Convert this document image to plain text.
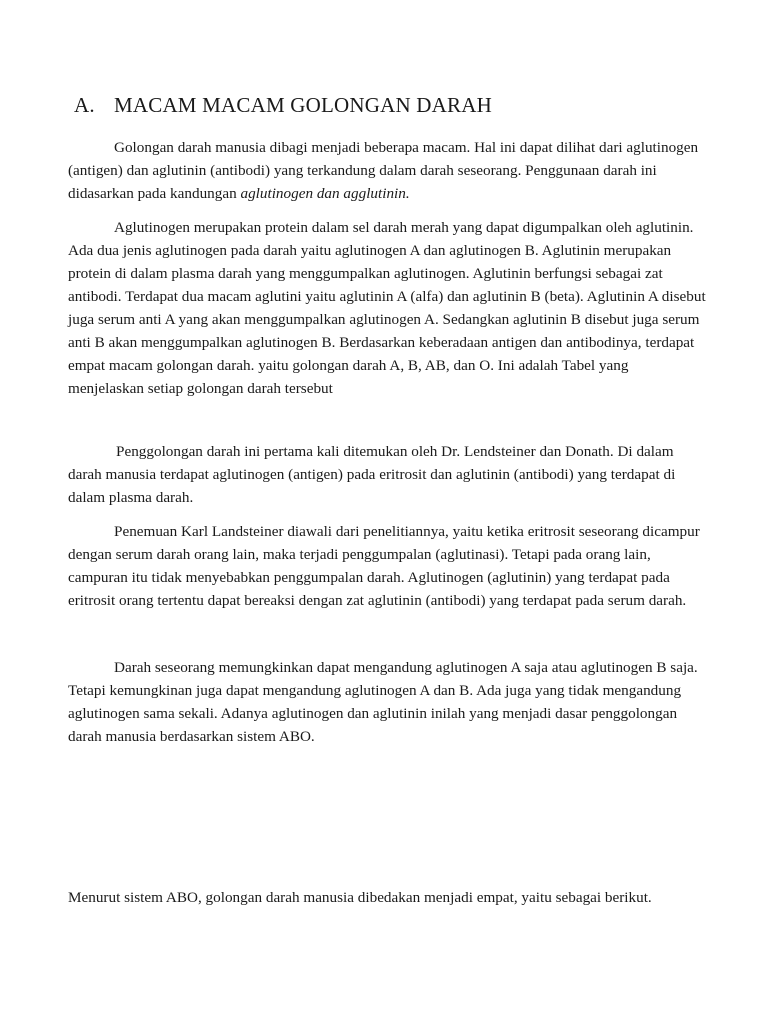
A. MACAM MACAM GOLONGAN DARAH

Golongan darah manusia dibagi menjadi beberapa macam. Hal ini dapat dilihat dari aglutinogen (antigen) dan aglutinin (antibodi) yang terkandung dalam darah seseorang. Penggunaan darah ini didasarkan pada kandungan aglutinogen dan agglutinin.

Aglutinogen merupakan protein dalam sel darah merah yang dapat digumpalkan oleh aglutinin. Ada dua jenis aglutinogen pada darah yaitu aglutinogen A dan aglutinogen B. Aglutinin merupakan protein di dalam plasma darah yang menggumpalkan aglutinogen. Aglutinin berfungsi sebagai zat antibodi. Terdapat dua macam aglutini yaitu aglutinin A (alfa) dan aglutinin B (beta). Aglutinin A disebut juga serum anti A yang akan menggumpalkan aglutinogen A. Sedangkan aglutinin B disebut juga serum anti B akan menggumpalkan aglutinogen B. Berdasarkan keberadaan antigen dan antibodinya, terdapat empat macam golongan darah. yaitu golongan darah A, B, AB, dan O. Ini adalah Tabel yang menjelaskan setiap golongan darah tersebut

Penggolongan darah ini pertama kali ditemukan oleh Dr. Lendsteiner dan Donath. Di dalam darah manusia terdapat aglutinogen (antigen) pada eritrosit dan aglutinin (antibodi) yang terdapat di dalam plasma darah.

Penemuan Karl Landsteiner diawali dari penelitiannya, yaitu ketika eritrosit seseorang dicampur dengan serum darah orang lain, maka terjadi penggumpalan (aglutinasi). Tetapi pada orang lain, campuran itu tidak menyebabkan penggumpalan darah. Aglutinogen (aglutinin) yang terdapat pada eritrosit orang tertentu dapat bereaksi dengan zat aglutinin (antibodi) yang terdapat pada serum darah.

Darah seseorang memungkinkan dapat mengandung aglutinogen A saja atau aglutinogen B saja. Tetapi kemungkinan juga dapat mengandung aglutinogen A dan B. Ada juga yang tidak mengandung aglutinogen sama sekali. Adanya aglutinogen dan aglutinin inilah yang menjadi dasar penggolongan darah manusia berdasarkan sistem ABO.

Menurut sistem ABO, golongan darah manusia dibedakan menjadi empat, yaitu sebagai berikut.
